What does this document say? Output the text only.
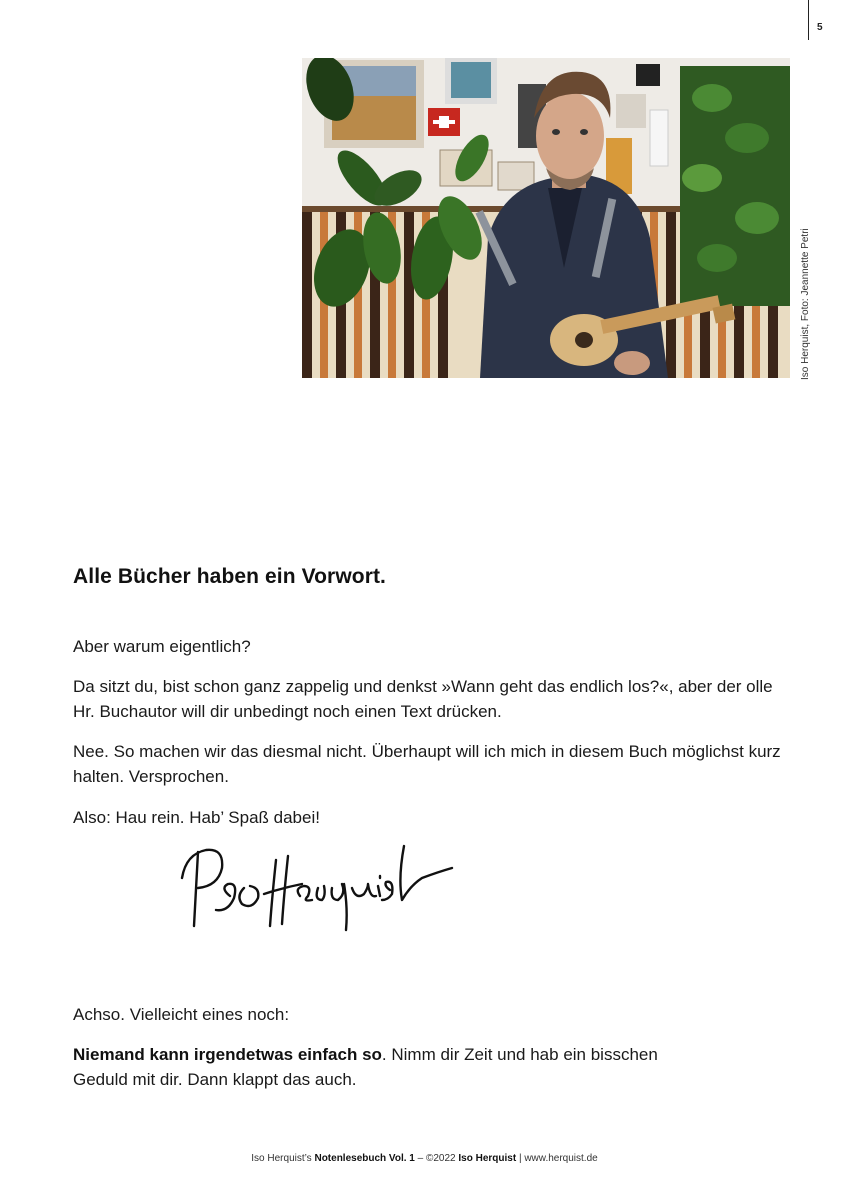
5
Iso Herquist, Foto: Jeannette Petri
Alle Bücher haben ein Vorwort.

Aber warum eigentlich?

Da sitzt du, bist schon ganz zappelig und denkst »Wann geht das endlich los?«, aber der olle Hr. Buchautor will dir unbedingt noch einen Text drücken.

Nee. So machen wir das diesmal nicht. Überhaupt will ich mich in diesem Buch möglichst kurz halten. Versprochen.

Also: Hau rein. Hab’ Spaß dabei!

Achso. Vielleicht eines noch:

Niemand kann irgendetwas einfach so. Nimm dir Zeit und hab ein bisschen Geduld mit dir. Dann klappt das auch.

Iso Herquist’s Notenlesebuch Vol. 1 – ©2022 Iso Herquist | www.herquist.de
